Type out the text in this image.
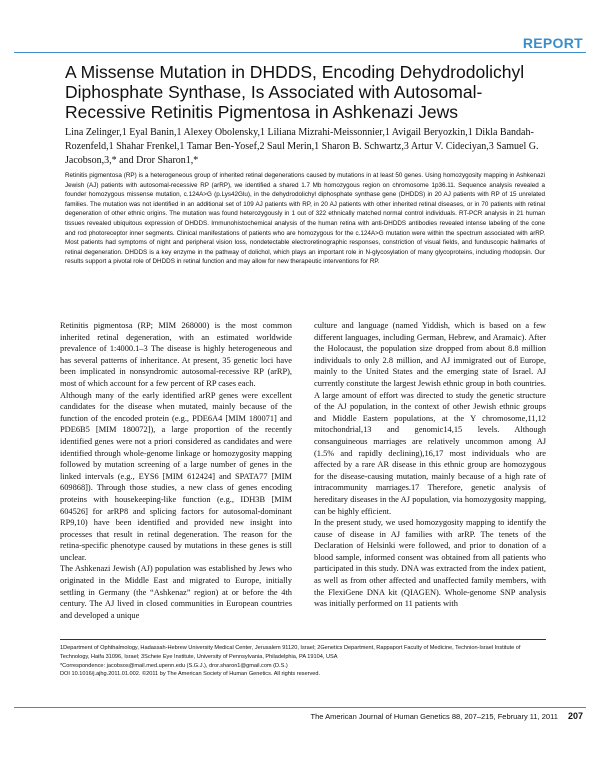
REPORT
A Missense Mutation in DHDDS, Encoding Dehydrodolichyl Diphosphate Synthase, Is Associated with Autosomal-Recessive Retinitis Pigmentosa in Ashkenazi Jews
Lina Zelinger,1 Eyal Banin,1 Alexey Obolensky,1 Liliana Mizrahi-Meissonnier,1 Avigail Beryozkin,1 Dikla Bandah-Rozenfeld,1 Shahar Frenkel,1 Tamar Ben-Yosef,2 Saul Merin,1 Sharon B. Schwartz,3 Artur V. Cideciyan,3 Samuel G. Jacobson,3,* and Dror Sharon1,*
Retinitis pigmentosa (RP) is a heterogeneous group of inherited retinal degenerations caused by mutations in at least 50 genes. Using homozygosity mapping in Ashkenazi Jewish (AJ) patients with autosomal-recessive RP (arRP), we identified a shared 1.7 Mb homozygous region on chromosome 1p36.11. Sequence analysis revealed a founder homozygous missense mutation, c.124A>G (p.Lys42Glu), in the dehydrodolichyl diphosphate synthase gene (DHDDS) in 20 AJ patients with RP of 15 unrelated families. The mutation was not identified in an additional set of 109 AJ patients with RP, in 20 AJ patients with other inherited retinal diseases, or in 70 patients with retinal degeneration of other ethnic origins. The mutation was found heterozygously in 1 out of 322 ethnically matched normal control individuals. RT-PCR analysis in 21 human tissues revealed ubiquitous expression of DHDDS. Immunohistochemical analysis of the human retina with anti-DHDDS antibodies revealed intense labeling of the cone and rod photoreceptor inner segments. Clinical manifestations of patients who are homozygous for the c.124A>G mutation were within the spectrum associated with arRP. Most patients had symptoms of night and peripheral vision loss, nondetectable electroretinographic responses, constriction of visual fields, and funduscopic hallmarks of retinal degeneration. DHDDS is a key enzyme in the pathway of dolichol, which plays an important role in N-glycosylation of many glycoproteins, including rhodopsin. Our results support a pivotal role of DHDDS in retinal function and may allow for new therapeutic interventions for RP.
Retinitis pigmentosa (RP; MIM 268000) is the most common inherited retinal degeneration, with an estimated worldwide prevalence of 1:4000.1–3 The disease is highly heterogeneous and has several patterns of inheritance. At present, 35 genetic loci have been implicated in nonsyndromic autosomal-recessive RP (arRP), most of which account for a few percent of RP cases each.
Although many of the early identified arRP genes were excellent candidates for the disease when mutated, mainly because of the function of the encoded protein (e.g., PDE6A4 [MIM 180071] and PDE6B5 [MIM 180072]), a large proportion of the recently identified genes were not a priori considered as candidates and were identified through whole-genome linkage or homozygosity mapping followed by mutation screening of a large number of genes in the linked intervals (e.g., EYS6 [MIM 612424] and SPATA77 [MIM 609868]). Through those studies, a new class of genes encoding proteins with housekeeping-like function (e.g., IDH3B [MIM 604526] for arRP8 and splicing factors for autosomal-dominant RP9,10) have been identified and provided new insight into processes that result in retinal degeneration. The reason for the retina-specific phenotype caused by mutations in these genes is still unclear.
The Ashkenazi Jewish (AJ) population was established by Jews who originated in the Middle East and migrated to Europe, initially settling in Germany (the “Ashkenaz” region) at or before the 4th century. The AJ lived in closed communities in European countries and developed a unique
culture and language (named Yiddish, which is based on a few different languages, including German, Hebrew, and Aramaic). After the Holocaust, the population size dropped from about 8.8 million individuals to only 2.8 million, and AJ immigrated out of Europe, mainly to the United States and the emerging state of Israel. AJ currently constitute the largest Jewish ethnic group in both countries. A large amount of effort was directed to study the genetic structure of the AJ population, in the context of other Jewish ethnic groups and Middle Eastern populations, at the Y chromosome,11,12 mitochondrial,13 and genomic14,15 levels. Although consanguineous marriages are relatively uncommon among AJ (1.5% and rapidly declining),16,17 most individuals who are affected by a rare AR disease in this ethnic group are homozygous for the disease-causing mutation, mainly because of a high rate of intracommunity marriages.17 Therefore, genetic analysis of hereditary diseases in the AJ population, via homozygosity mapping, can be highly efficient.
In the present study, we used homozygosity mapping to identify the cause of disease in AJ families with arRP. The tenets of the Declaration of Helsinki were followed, and prior to donation of a blood sample, informed consent was obtained from all patients who participated in this study. DNA was extracted from the index patient, as well as from other affected and unaffected family members, with the FlexiGene DNA kit (QIAGEN). Whole-genome SNP analysis was initially performed on 11 patients with
1Department of Ophthalmology, Hadassah-Hebrew University Medical Center, Jerusalem 91120, Israel; 2Genetics Department, Rappaport Faculty of Medicine, Technion-Israel Institute of Technology, Haifa 31096, Israel; 3Scheie Eye Institute, University of Pennsylvania, Philadelphia, PA 19104, USA
*Correspondence: jacobsos@mail.med.upenn.edu (S.G.J.), dror.sharon1@gmail.com (D.S.)
DOI 10.1016/j.ajhg.2011.01.002. ©2011 by The American Society of Human Genetics. All rights reserved.
The American Journal of Human Genetics 88, 207–215, February 11, 2011 207
